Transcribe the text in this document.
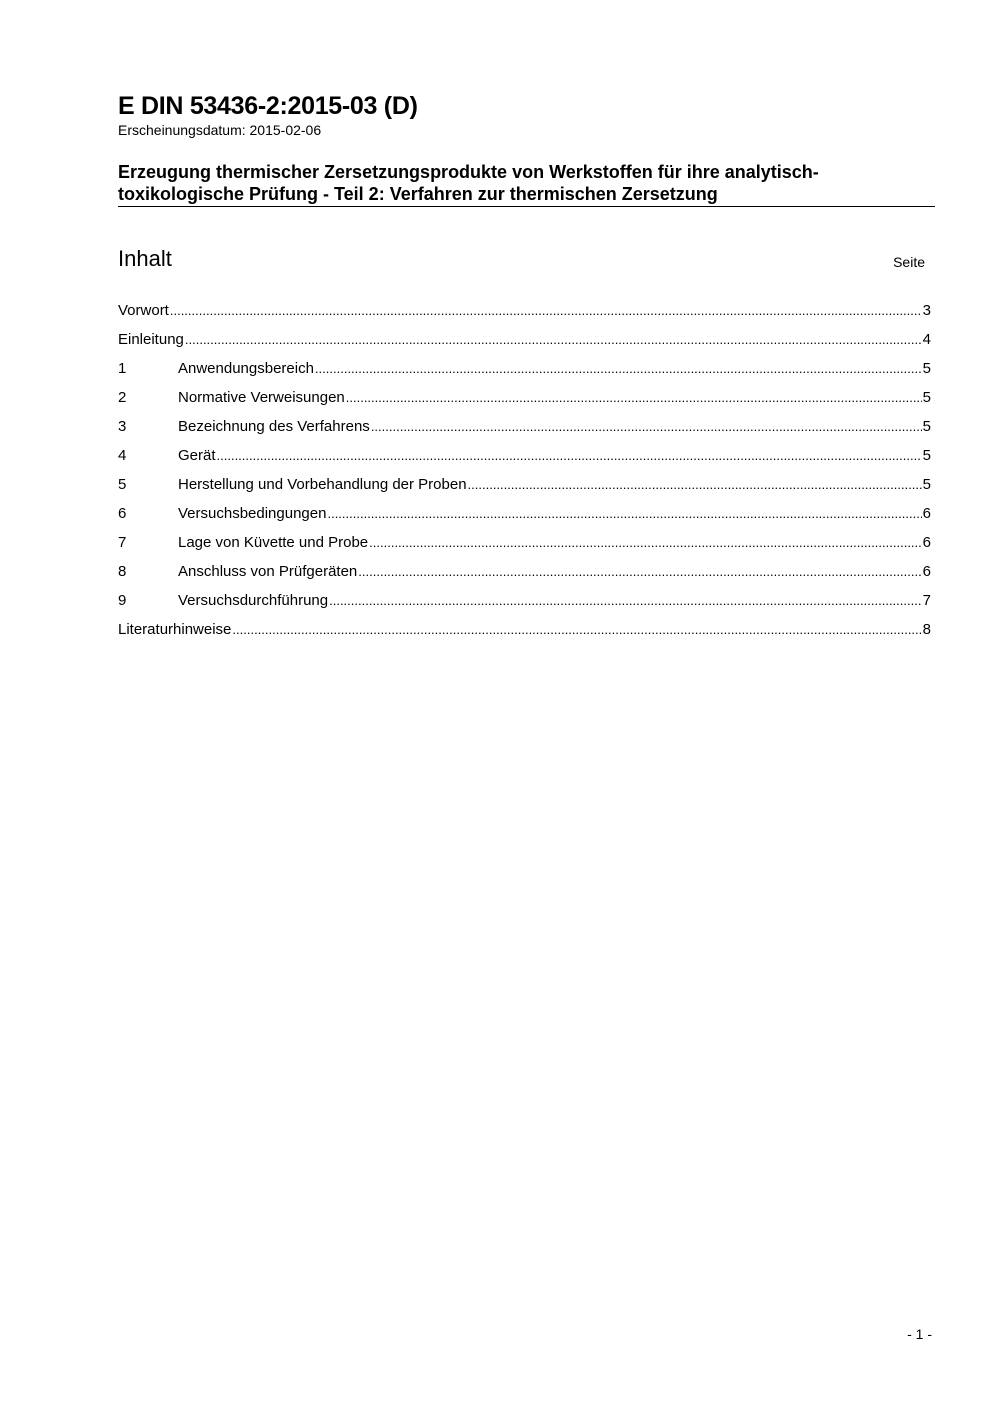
E DIN 53436-2:2015-03 (D)
Erscheinungsdatum: 2015-02-06
Erzeugung thermischer Zersetzungsprodukte von Werkstoffen für ihre analytisch-toxikologische Prüfung - Teil 2: Verfahren zur thermischen Zersetzung
Inhalt	Seite
Vorwort .....	3
Einleitung .....	4
1	Anwendungsbereich .....	5
2	Normative Verweisungen .....	5
3	Bezeichnung des Verfahrens .....	5
4	Gerät .....	5
5	Herstellung und Vorbehandlung der Proben .....	5
6	Versuchsbedingungen .....	6
7	Lage von Küvette und Probe .....	6
8	Anschluss von Prüfgeräten .....	6
9	Versuchsdurchführung .....	7
Literaturhinweise .....	8
- 1 -
